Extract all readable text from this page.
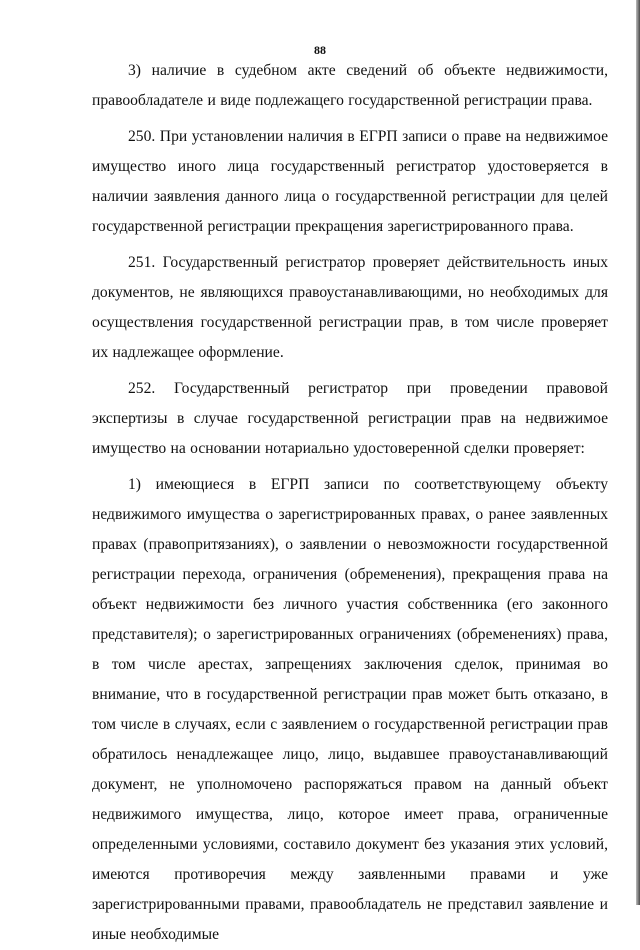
88

3) наличие в судебном акте сведений об объекте недвижимости, правообладателе и виде подлежащего государственной регистрации права.

250. При установлении наличия в ЕГРП записи о праве на недвижимое имущество иного лица государственный регистратор удостоверяется в наличии заявления данного лица о государственной регистрации для целей государственной регистрации прекращения зарегистрированного права.

251. Государственный регистратор проверяет действительность иных документов, не являющихся правоустанавливающими, но необходимых для осуществления государственной регистрации прав, в том числе проверяет их надлежащее оформление.

252. Государственный регистратор при проведении правовой экспертизы в случае государственной регистрации прав на недвижимое имущество на основании нотариально удостоверенной сделки проверяет:

1) имеющиеся в ЕГРП записи по соответствующему объекту недвижимого имущества о зарегистрированных правах, о ранее заявленных правах (правопритязаниях), о заявлении о невозможности государственной регистрации перехода, ограничения (обременения), прекращения права на объект недвижимости без личного участия собственника (его законного представителя); о зарегистрированных ограничениях (обременениях) права, в том числе арестах, запрещениях заключения сделок, принимая во внимание, что в государственной регистрации прав может быть отказано, в том числе в случаях, если с заявлением о государственной регистрации прав обратилось ненадлежащее лицо, лицо, выдавшее правоустанавливающий документ, не уполномочено распоряжаться правом на данный объект недвижимого имущества, лицо, которое имеет права, ограниченные определенными условиями, составило документ без указания этих условий, имеются противоречия между заявленными правами и уже зарегистрированными правами, правообладатель не представил заявление и иные необходимые
